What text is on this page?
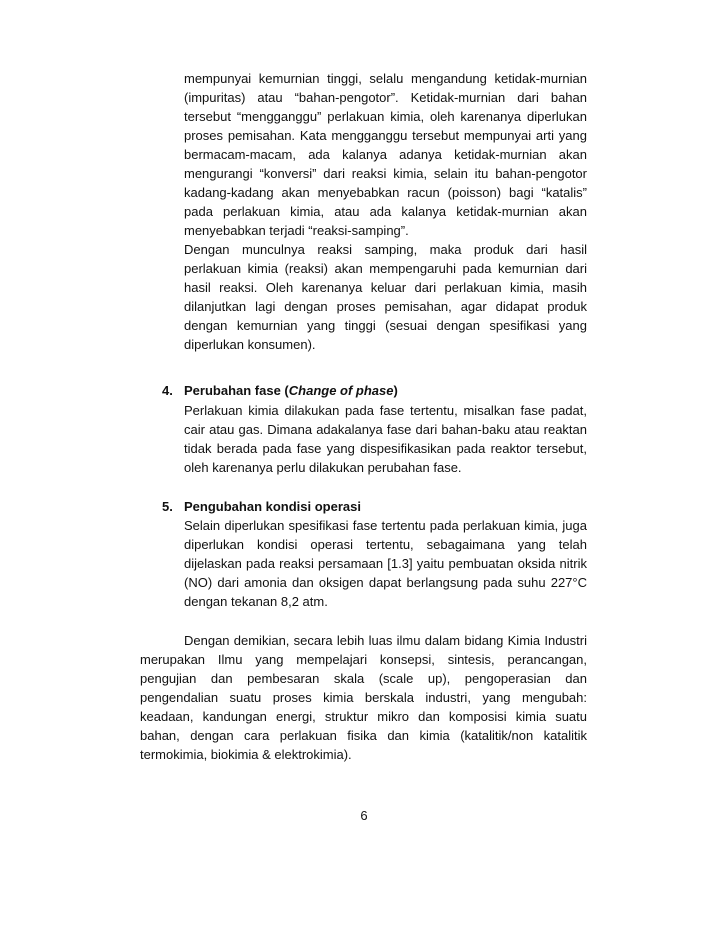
mempunyai kemurnian tinggi, selalu mengandung ketidak-murnian
(impuritas) atau “bahan-pengotor”. Ketidak-murnian dari bahan
tersebut “mengganggu” perlakuan kimia, oleh karenanya diperlukan
proses pemisahan. Kata mengganggu tersebut mempunyai arti yang
bermacam-macam, ada kalanya adanya ketidak-murnian akan
mengurangi “konversi” dari reaksi kimia, selain itu bahan-pengotor
kadang-kadang akan menyebabkan racun (poisson) bagi “katalis”
pada perlakuan kimia, atau ada kalanya ketidak-murnian akan
menyebabkan terjadi “reaksi-samping”.
Dengan munculnya reaksi samping, maka produk dari hasil
perlakuan kimia (reaksi) akan mempengaruhi pada kemurnian dari
hasil reaksi. Oleh karenanya keluar dari perlakuan kimia, masih
dilanjutkan lagi dengan proses pemisahan, agar didapat produk
dengan kemurnian yang tinggi (sesuai dengan spesifikasi yang
diperlukan konsumen).
4. Perubahan fase (Change of phase)
Perlakuan kimia dilakukan pada fase tertentu, misalkan fase padat,
cair atau gas. Dimana adakalanya fase dari bahan-baku atau reaktan
tidak berada pada fase yang dispesifikasikan pada reaktor tersebut,
oleh karenanya perlu dilakukan perubahan fase.
5. Pengubahan kondisi operasi
Selain diperlukan spesifikasi fase tertentu pada perlakuan kimia, juga
diperlukan kondisi operasi tertentu, sebagaimana yang telah
dijelaskan pada reaksi persamaan [1.3] yaitu pembuatan oksida nitrik
(NO) dari amonia dan oksigen dapat berlangsung pada suhu 227°C
dengan tekanan 8,2 atm.
Dengan demikian, secara lebih luas ilmu dalam bidang Kimia Industri
merupakan Ilmu yang mempelajari konsepsi, sintesis, perancangan,
pengujian dan pembesaran skala (scale up), pengoperasian dan
pengendalian suatu proses kimia berskala industri, yang mengubah:
keadaan, kandungan energi, struktur mikro dan komposisi kimia suatu
bahan, dengan cara perlakuan fisika dan kimia (katalitik/non katalitik
termokimia, biokimia & elektrokimia).
6
